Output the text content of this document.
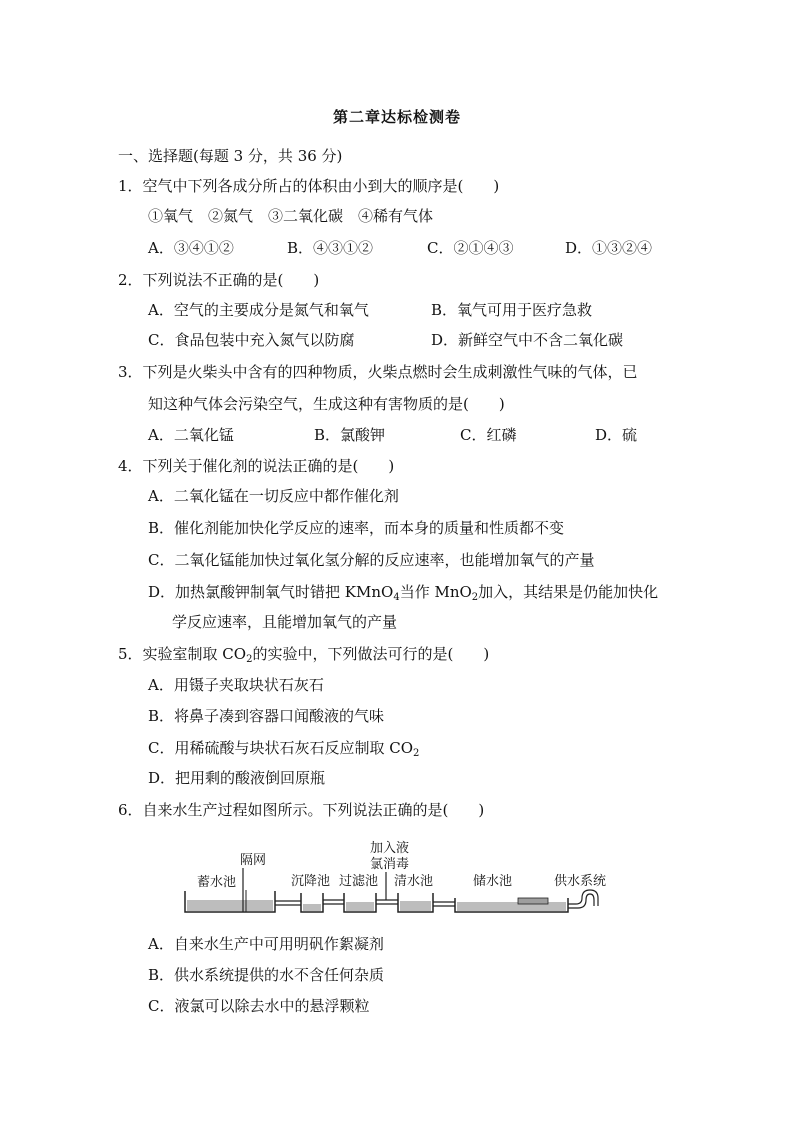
第二章达标检测卷
一、选择题(每题 3 分，共 36 分)
1．空气中下列各成分所占的体积由小到大的顺序是(　　)
①氧气　②氮气　③二氧化碳　④稀有气体
A．③④①②	B．④③①②	C．②①④③	D．①③②④
2．下列说法不正确的是(　　)
A．空气的主要成分是氮气和氧气	B．氧气可用于医疗急救
C．食品包装中充入氮气以防腐	D．新鲜空气中不含二氧化碳
3．下列是火柴头中含有的四种物质，火柴点燃时会生成刺激性气味的气体，已
知这种气体会污染空气，生成这种有害物质的是(　　)
A．二氧化锰	B．氯酸钾	C．红磷	D．硫
4．下列关于催化剂的说法正确的是(　　)
A．二氧化锰在一切反应中都作催化剂
B．催化剂能加快化学反应的速率，而本身的质量和性质都不变
C．二氧化锰能加快过氧化氢分解的反应速率，也能增加氧气的产量
D．加热氯酸钾制氧气时错把 KMnO$_4$当作 MnO$_2$加入，其结果是仍能加快化
学反应速率，且能增加氧气的产量
5．实验室制取 $CO_2$的实验中，下列做法可行的是(　　)
A．用镊子夹取块状石灰石
B．将鼻子凑到容器口闻酸液的气味
C．用稀硫酸与块状石灰石反应制取 $CO_2$
D．把用剩的酸液倒回原瓶
6．自来水生产过程如图所示。下列说法正确的是(　　)
蓄水池
隔网
沉降池 过滤池
加入液
氯消毒
清水池	储水池	供水系统
A．自来水生产中可用明矾作絮凝剂
B．供水系统提供的水不含任何杂质
C．液氯可以除去水中的悬浮颗粒
